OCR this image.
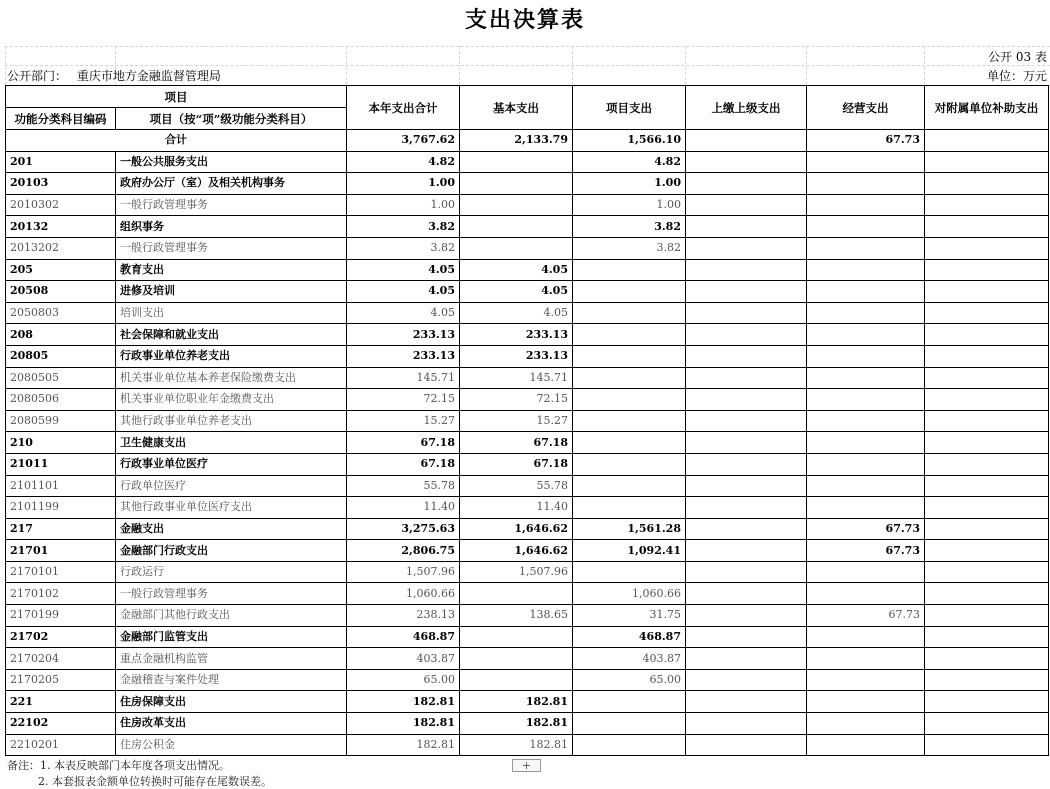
支出决算表
公开 03 表
公开部门： 重庆市地方金融监督管理局	单位：万元
项目		本年支出合计	基本支出	项目支出	上缴上级支出	经营支出	对附属单位补助支出
功能分类科目编码	项目（按“项”级功能分类科目）						
合计		3,767.62	2,133.79	1,566.10		67.73	
201	一般公共服务支出	4.82		4.82			
20103	政府办公厅（室）及相关机构事务	1.00		1.00			
2010302	一般行政管理事务	1.00		1.00			
20132	组织事务	3.82		3.82			
2013202	一般行政管理事务	3.82		3.82			
205	教育支出	4.05	4.05				
20508	进修及培训	4.05	4.05				
2050803	培训支出	4.05	4.05				
208	社会保障和就业支出	233.13	233.13				
20805	行政事业单位养老支出	233.13	233.13				
2080505	机关事业单位基本养老保险缴费支出	145.71	145.71				
2080506	机关事业单位职业年金缴费支出	72.15	72.15				
2080599	其他行政事业单位养老支出	15.27	15.27				
210	卫生健康支出	67.18	67.18				
21011	行政事业单位医疗	67.18	67.18				
2101101	行政单位医疗	55.78	55.78				
2101199	其他行政事业单位医疗支出	11.40	11.40				
217	金融支出	3,275.63	1,646.62	1,561.28		67.73	
21701	金融部门行政支出	2,806.75	1,646.62	1,092.41		67.73	
2170101	行政运行	1,507.96	1,507.96				
2170102	一般行政管理事务	1,060.66		1,060.66			
2170199	金融部门其他行政支出	238.13	138.65	31.75		67.73	
21702	金融部门监管支出	468.87		468.87			
2170204	重点金融机构监管	403.87		403.87			
2170205	金融稽查与案件处理	65.00		65.00			
221	住房保障支出	182.81	182.81				
22102	住房改革支出	182.81	182.81				
2210201	住房公积金	182.81	182.81				
备注：1. 本表反映部门本年度各项支出情况。
2. 本套报表金额单位转换时可能存在尾数误差。
+
